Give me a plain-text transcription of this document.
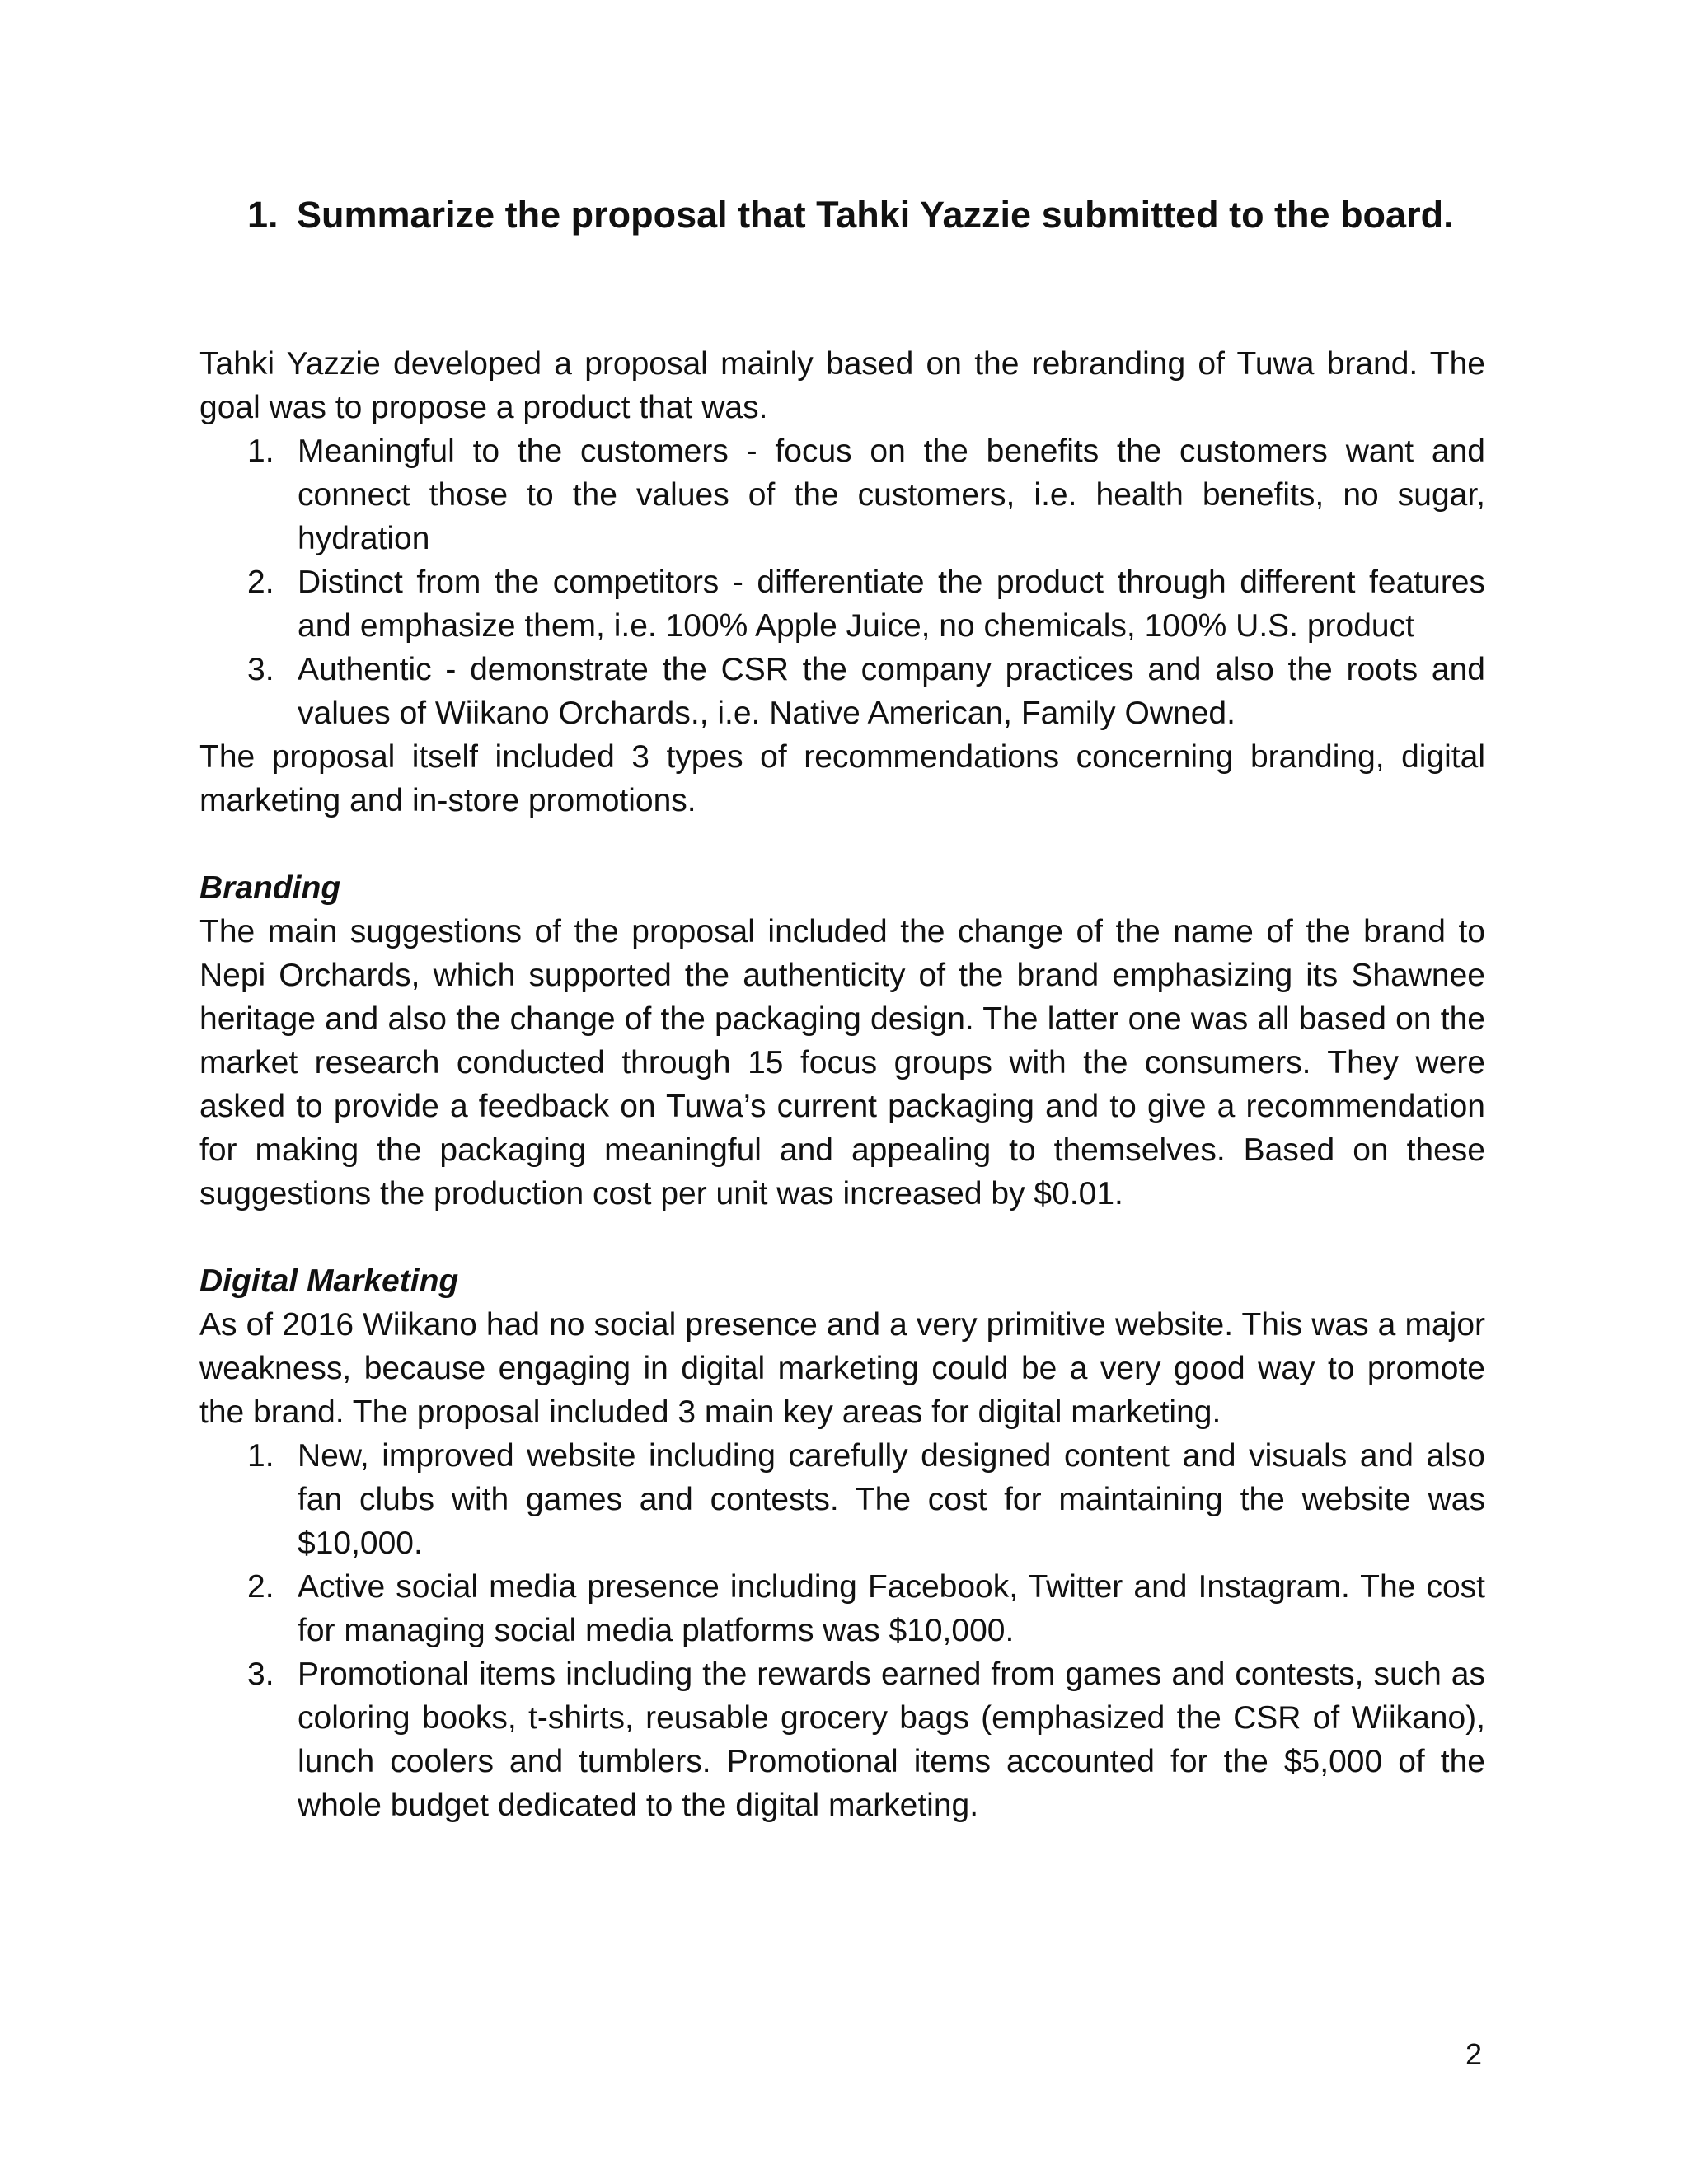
1. Summarize the proposal that Tahki Yazzie submitted to the board.

Tahki Yazzie developed a proposal mainly based on the rebranding of Tuwa brand. The goal was to propose a product that was.

1. Meaningful to the customers - focus on the benefits the customers want and connect those to the values of the customers, i.e. health benefits, no sugar, hydration
2. Distinct from the competitors - differentiate the product through different features and emphasize them, i.e. 100% Apple Juice, no chemicals, 100% U.S. product
3. Authentic - demonstrate the CSR the company practices and also the roots and values of Wiikano Orchards., i.e. Native American, Family Owned.

The proposal itself included 3 types of recommendations concerning branding, digital marketing and in-store promotions.

Branding

The main suggestions of the proposal included the change of the name of the brand to Nepi Orchards, which supported the authenticity of the brand emphasizing its Shawnee heritage and also the change of the packaging design. The latter one was all based on the market research conducted through 15 focus groups with the consumers. They were asked to provide a feedback on Tuwa’s current packaging and to give a recommendation for making the packaging meaningful and appealing to themselves. Based on these suggestions the production cost per unit was increased by $0.01.

Digital Marketing

As of 2016 Wiikano had no social presence and a very primitive website. This was a major weakness, because engaging in digital marketing could be a very good way to promote the brand. The proposal included 3 main key areas for digital marketing.

1. New, improved website including carefully designed content and visuals and also fan clubs with games and contests. The cost for maintaining the website was $10,000.
2. Active social media presence including Facebook, Twitter and Instagram. The cost for managing social media platforms was $10,000.
3. Promotional items including the rewards earned from games and contests, such as coloring books, t-shirts, reusable grocery bags (emphasized the CSR of Wiikano), lunch coolers and tumblers. Promotional items accounted for the $5,000 of the whole budget dedicated to the digital marketing.
2
